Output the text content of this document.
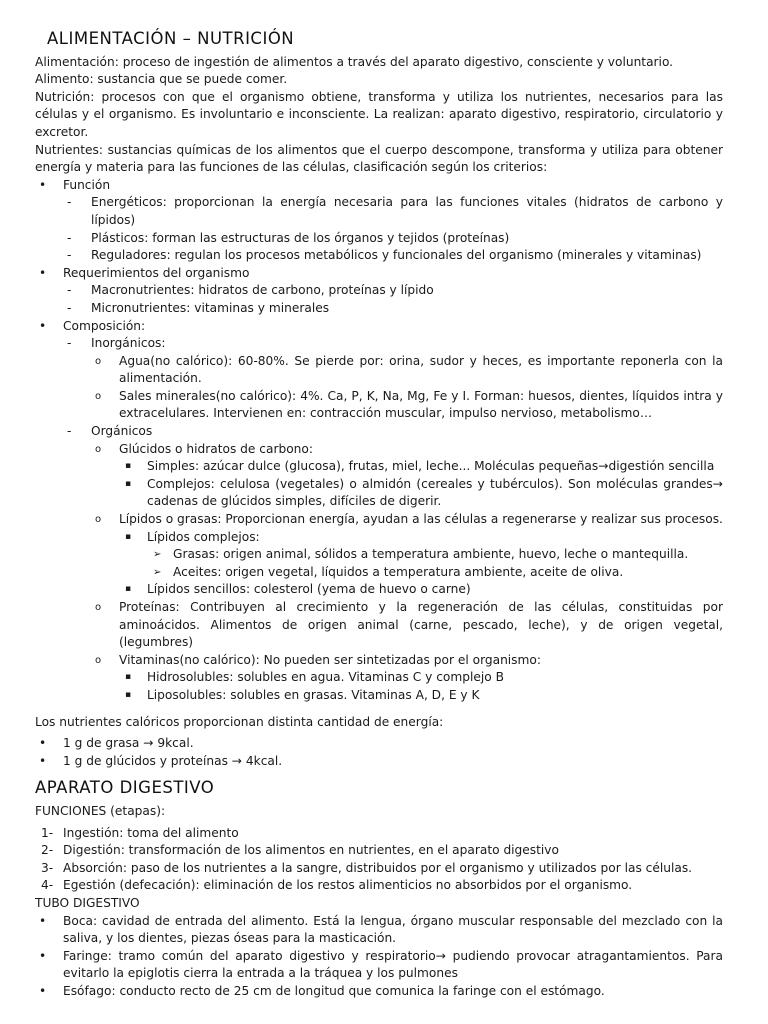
ALIMENTACIÓN – NUTRICIÓN

Alimentación: proceso de ingestión de alimentos a través del aparato digestivo, consciente y voluntario.

Alimento: sustancia que se puede comer.

Nutrición: procesos con que el organismo obtiene, transforma y utiliza los nutrientes, necesarios para las células y el organismo. Es involuntario e inconsciente. La realizan: aparato digestivo, respiratorio, circulatorio y excretor.

Nutrientes: sustancias químicas de los alimentos que el cuerpo descompone, transforma y utiliza para obtener energía y materia para las funciones de las células, clasificación según los criterios:

• Función
- Energéticos: proporcionan la energía necesaria para las funciones vitales (hidratos de carbono y lípidos)
- Plásticos: forman las estructuras de los órganos y tejidos (proteínas)
- Reguladores: regulan los procesos metabólicos y funcionales del organismo (minerales y vitaminas)
• Requerimientos del organismo
- Macronutrientes: hidratos de carbono, proteínas y lípido
- Micronutrientes: vitaminas y minerales
• Composición:
- Inorgánicos:
o Agua(no calórico): 60-80%. Se pierde por: orina, sudor y heces, es importante reponerla con la alimentación.
o Sales minerales(no calórico): 4%. Ca, P, K, Na, Mg, Fe y I. Forman: huesos, dientes, líquidos intra y extracelulares. Intervienen en: contracción muscular, impulso nervioso, metabolismo…
- Orgánicos
o Glúcidos o hidratos de carbono:
▪ Simples: azúcar dulce (glucosa), frutas, miel, leche... Moléculas pequeñas→digestión sencilla
▪ Complejos: celulosa (vegetales) o almidón (cereales y tubérculos). Son moléculas grandes→ cadenas de glúcidos simples, difíciles de digerir.
o Lípidos o grasas: Proporcionan energía, ayudan a las células a regenerarse y realizar sus procesos.
▪ Lípidos complejos:
➢ Grasas: origen animal, sólidos a temperatura ambiente, huevo, leche o mantequilla.
➢ Aceites: origen vegetal, líquidos a temperatura ambiente, aceite de oliva.
▪ Lípidos sencillos: colesterol (yema de huevo o carne)
o Proteínas: Contribuyen al crecimiento y la regeneración de las células, constituidas por aminoácidos. Alimentos de origen animal (carne, pescado, leche), y de origen vegetal, (legumbres)
o Vitaminas(no calórico): No pueden ser sintetizadas por el organismo:
▪ Hidrosolubles: solubles en agua. Vitaminas C y complejo B
▪ Liposolubles: solubles en grasas. Vitaminas A, D, E y K

Los nutrientes calóricos proporcionan distinta cantidad de energía:

• 1 g de grasa → 9kcal.
• 1 g de glúcidos y proteínas → 4kcal.
APARATO DIGESTIVO

FUNCIONES (etapas):

1- Ingestión: toma del alimento
2- Digestión: transformación de los alimentos en nutrientes, en el aparato digestivo
3- Absorción: paso de los nutrientes a la sangre, distribuidos por el organismo y utilizados por las células.
4- Egestión (defecación): eliminación de los restos alimenticios no absorbidos por el organismo.

TUBO DIGESTIVO

• Boca: cavidad de entrada del alimento. Está la lengua, órgano muscular responsable del mezclado con la saliva, y los dientes, piezas óseas para la masticación.
• Faringe: tramo común del aparato digestivo y respiratorio→ pudiendo provocar atragantamientos. Para evitarlo la epiglotis cierra la entrada a la tráquea y los pulmones
• Esófago: conducto recto de 25 cm de longitud que comunica la faringe con el estómago.
